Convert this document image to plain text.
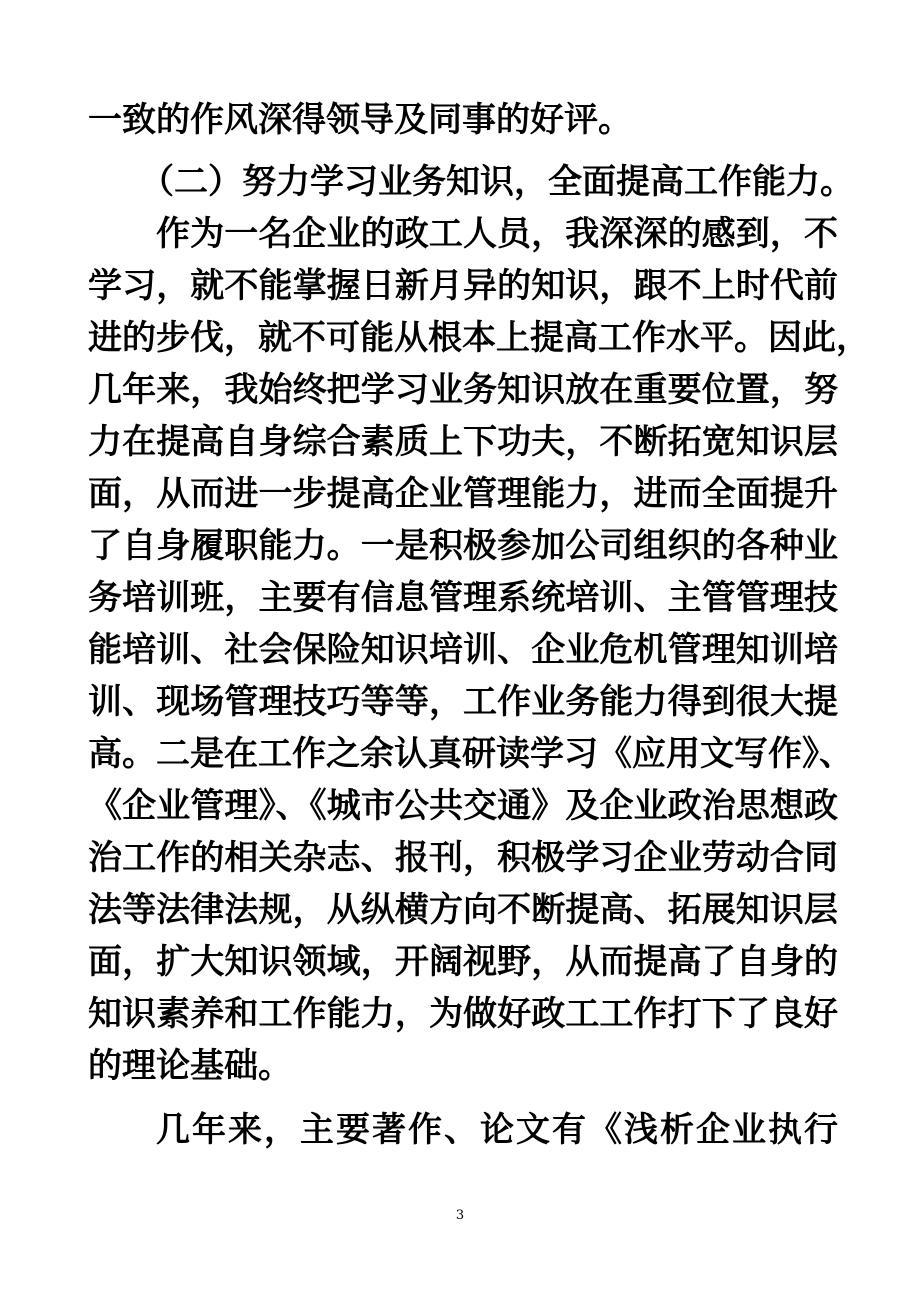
一致的作风深得领导及同事的好评。
（二）努力学习业务知识，全面提高工作能力。
作为一名企业的政工人员，我深深的感到，不
学习，就不能掌握日新月异的知识，跟不上时代前
进的步伐，就不可能从根本上提高工作水平。因此，
几年来，我始终把学习业务知识放在重要位置，努
力在提高自身综合素质上下功夫，不断拓宽知识层
面，从而进一步提高企业管理能力，进而全面提升
了自身履职能力。一是积极参加公司组织的各种业
务培训班，主要有信息管理系统培训、主管管理技
能培训、社会保险知识培训、企业危机管理知训培
训、现场管理技巧等等，工作业务能力得到很大提
高。二是在工作之余认真研读学习《应用文写作》、
《企业管理》、《城市公共交通》及企业政治思想政
治工作的相关杂志、报刊，积极学习企业劳动合同
法等法律法规，从纵横方向不断提高、拓展知识层
面，扩大知识领域，开阔视野，从而提高了自身的
知识素养和工作能力，为做好政工工作打下了良好
的理论基础。
几年来，主要著作、论文有《浅析企业执行
3
